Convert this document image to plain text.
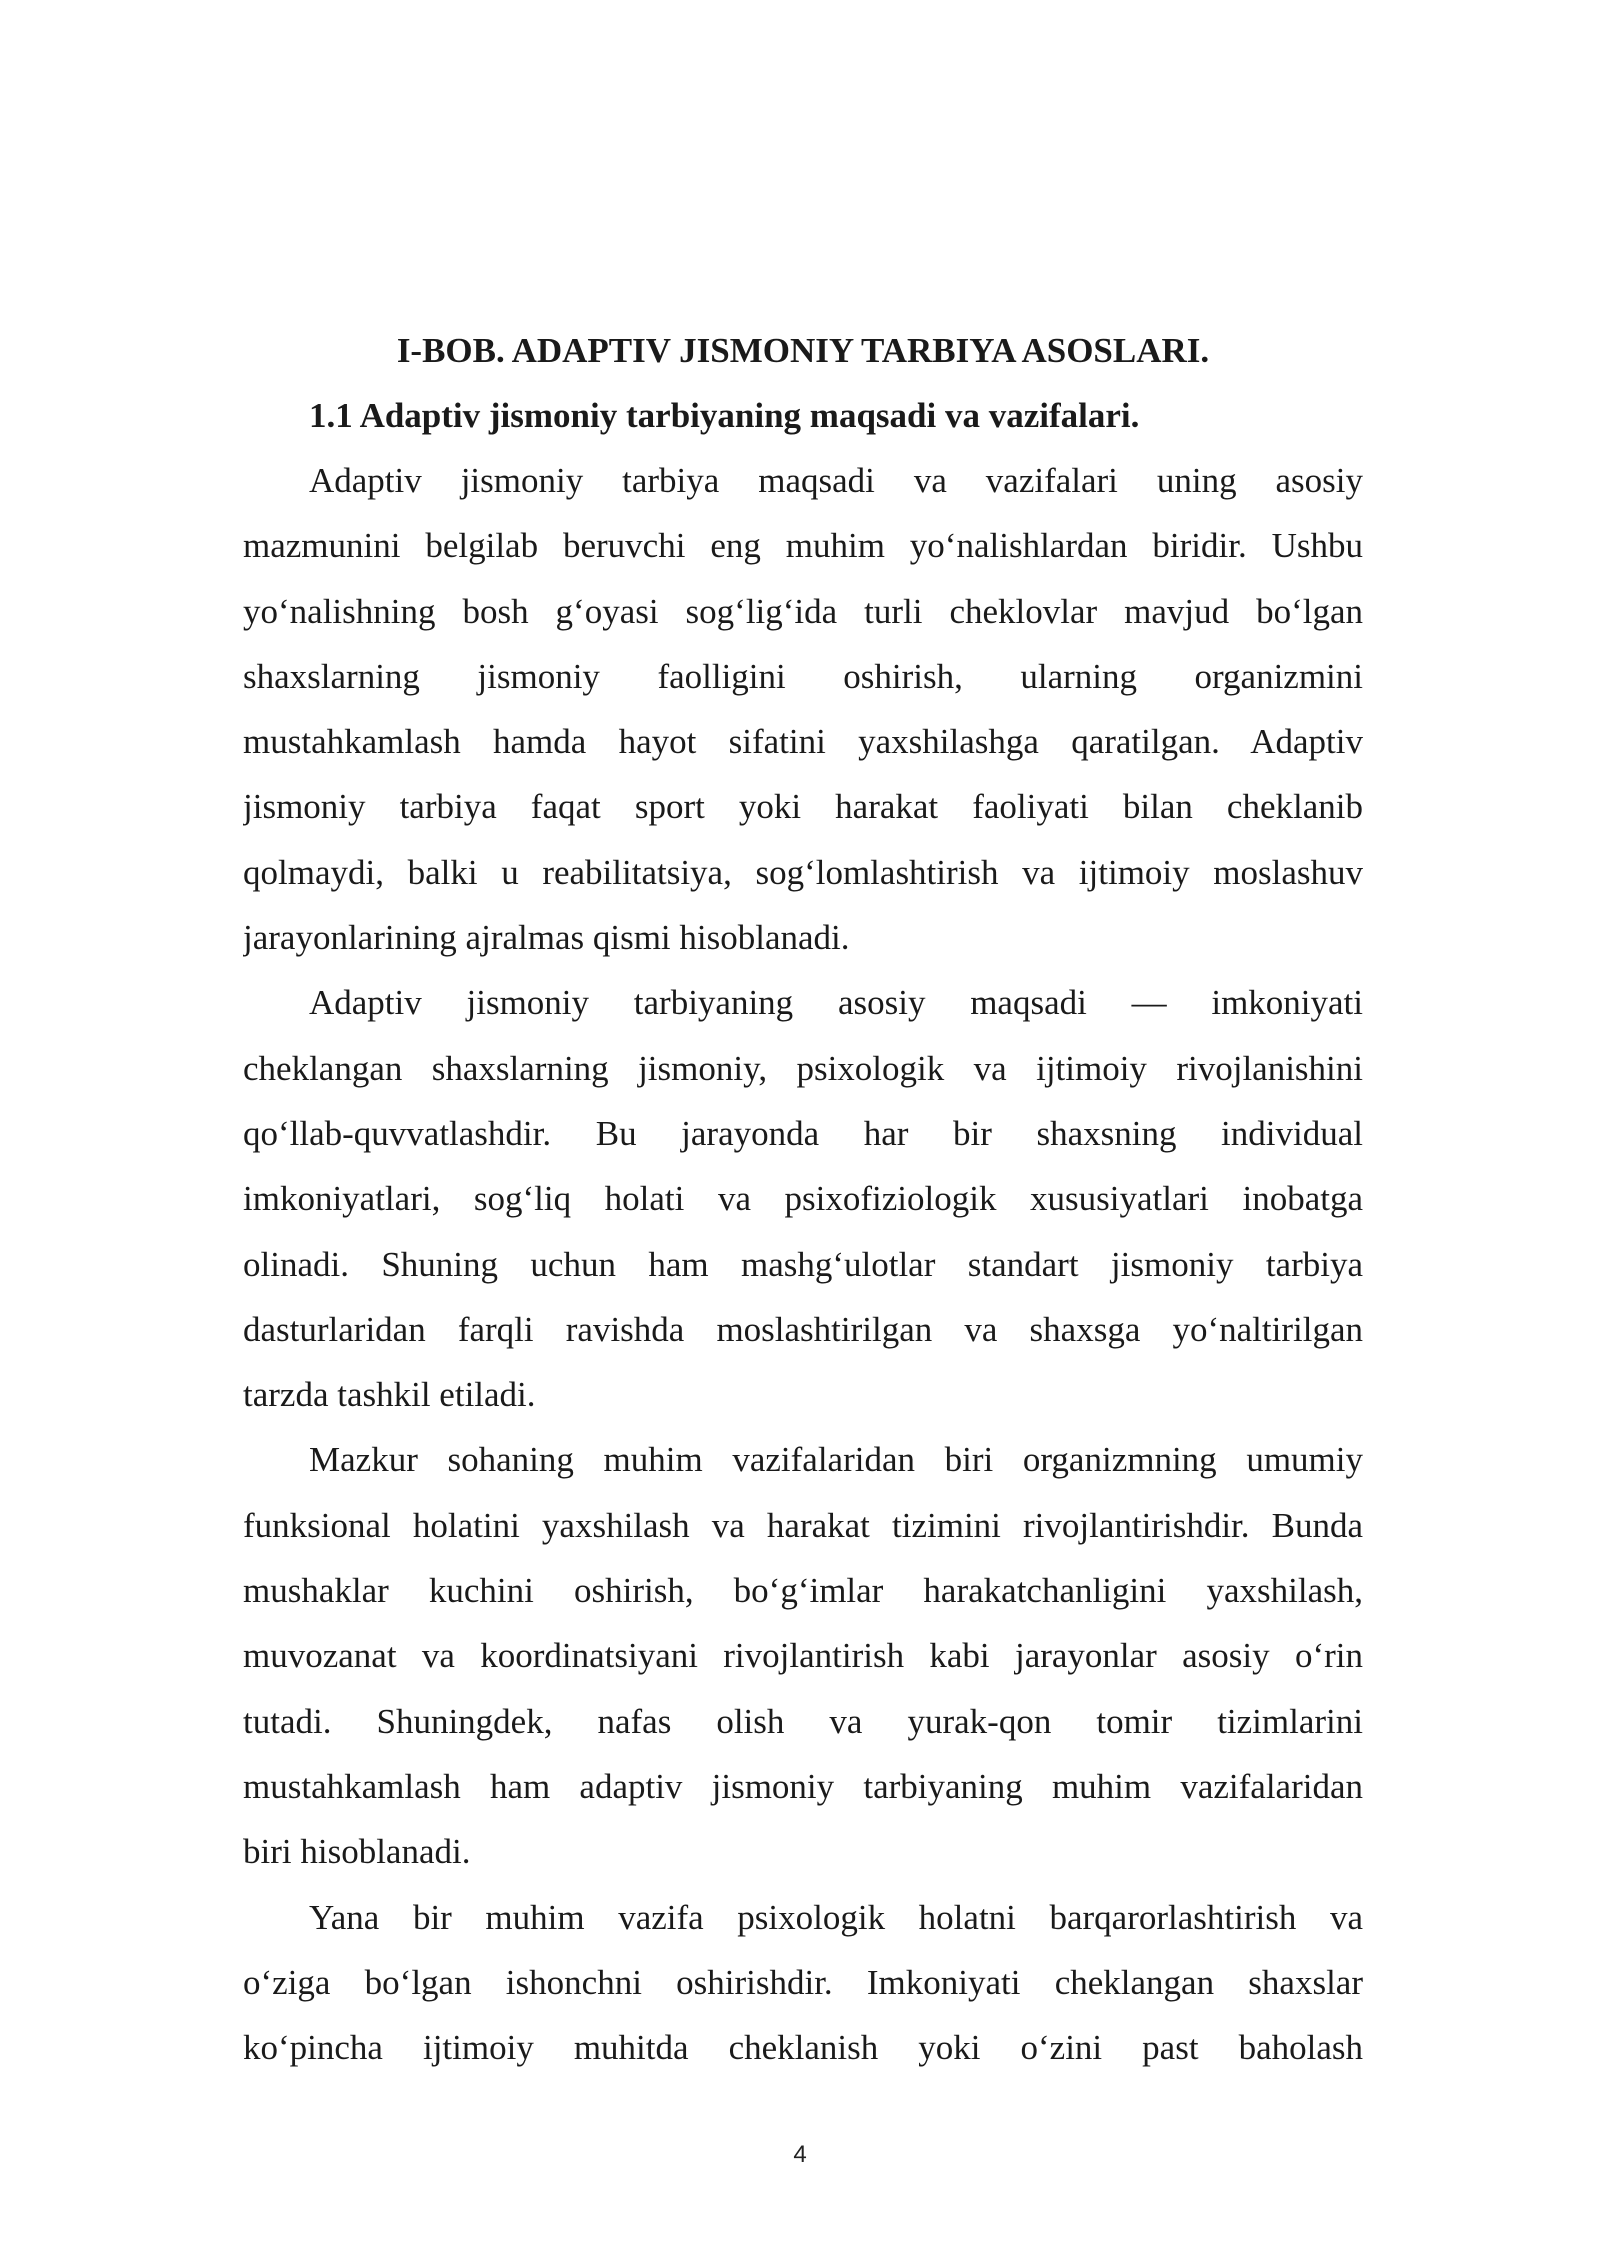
I-BOB. ADAPTIV JISMONIY TARBIYA ASOSLARI.
1.1 Adaptiv jismoniy tarbiyaning maqsadi va vazifalari.
Adaptiv jismoniy tarbiya maqsadi va vazifalari uning asosiy
mazmunini belgilab beruvchi eng muhim yo‘nalishlardan biridir. Ushbu
yo‘nalishning bosh g‘oyasi sog‘lig‘ida turli cheklovlar mavjud bo‘lgan
shaxslarning jismoniy faolligini oshirish, ularning organizmini
mustahkamlash hamda hayot sifatini yaxshilashga qaratilgan. Adaptiv
jismoniy tarbiya faqat sport yoki harakat faoliyati bilan cheklanib
qolmaydi, balki u reabilitatsiya, sog‘lomlashtirish va ijtimoiy moslashuv
jarayonlarining ajralmas qismi hisoblanadi.
Adaptiv jismoniy tarbiyaning asosiy maqsadi — imkoniyati
cheklangan shaxslarning jismoniy, psixologik va ijtimoiy rivojlanishini
qo‘llab-quvvatlashdir. Bu jarayonda har bir shaxsning individual
imkoniyatlari, sog‘liq holati va psixofiziologik xususiyatlari inobatga
olinadi. Shuning uchun ham mashg‘ulotlar standart jismoniy tarbiya
dasturlaridan farqli ravishda moslashtirilgan va shaxsga yo‘naltirilgan
tarzda tashkil etiladi.
Mazkur sohaning muhim vazifalaridan biri organizmning umumiy
funksional holatini yaxshilash va harakat tizimini rivojlantirishdir. Bunda
mushaklar kuchini oshirish, bo‘g‘imlar harakatchanligini yaxshilash,
muvozanat va koordinatsiyani rivojlantirish kabi jarayonlar asosiy o‘rin
tutadi. Shuningdek, nafas olish va yurak-qon tomir tizimlarini
mustahkamlash ham adaptiv jismoniy tarbiyaning muhim vazifalaridan
biri hisoblanadi.
Yana bir muhim vazifa psixologik holatni barqarorlashtirish va
o‘ziga bo‘lgan ishonchni oshirishdir. Imkoniyati cheklangan shaxslar
ko‘pincha ijtimoiy muhitda cheklanish yoki o‘zini past baholash
4
